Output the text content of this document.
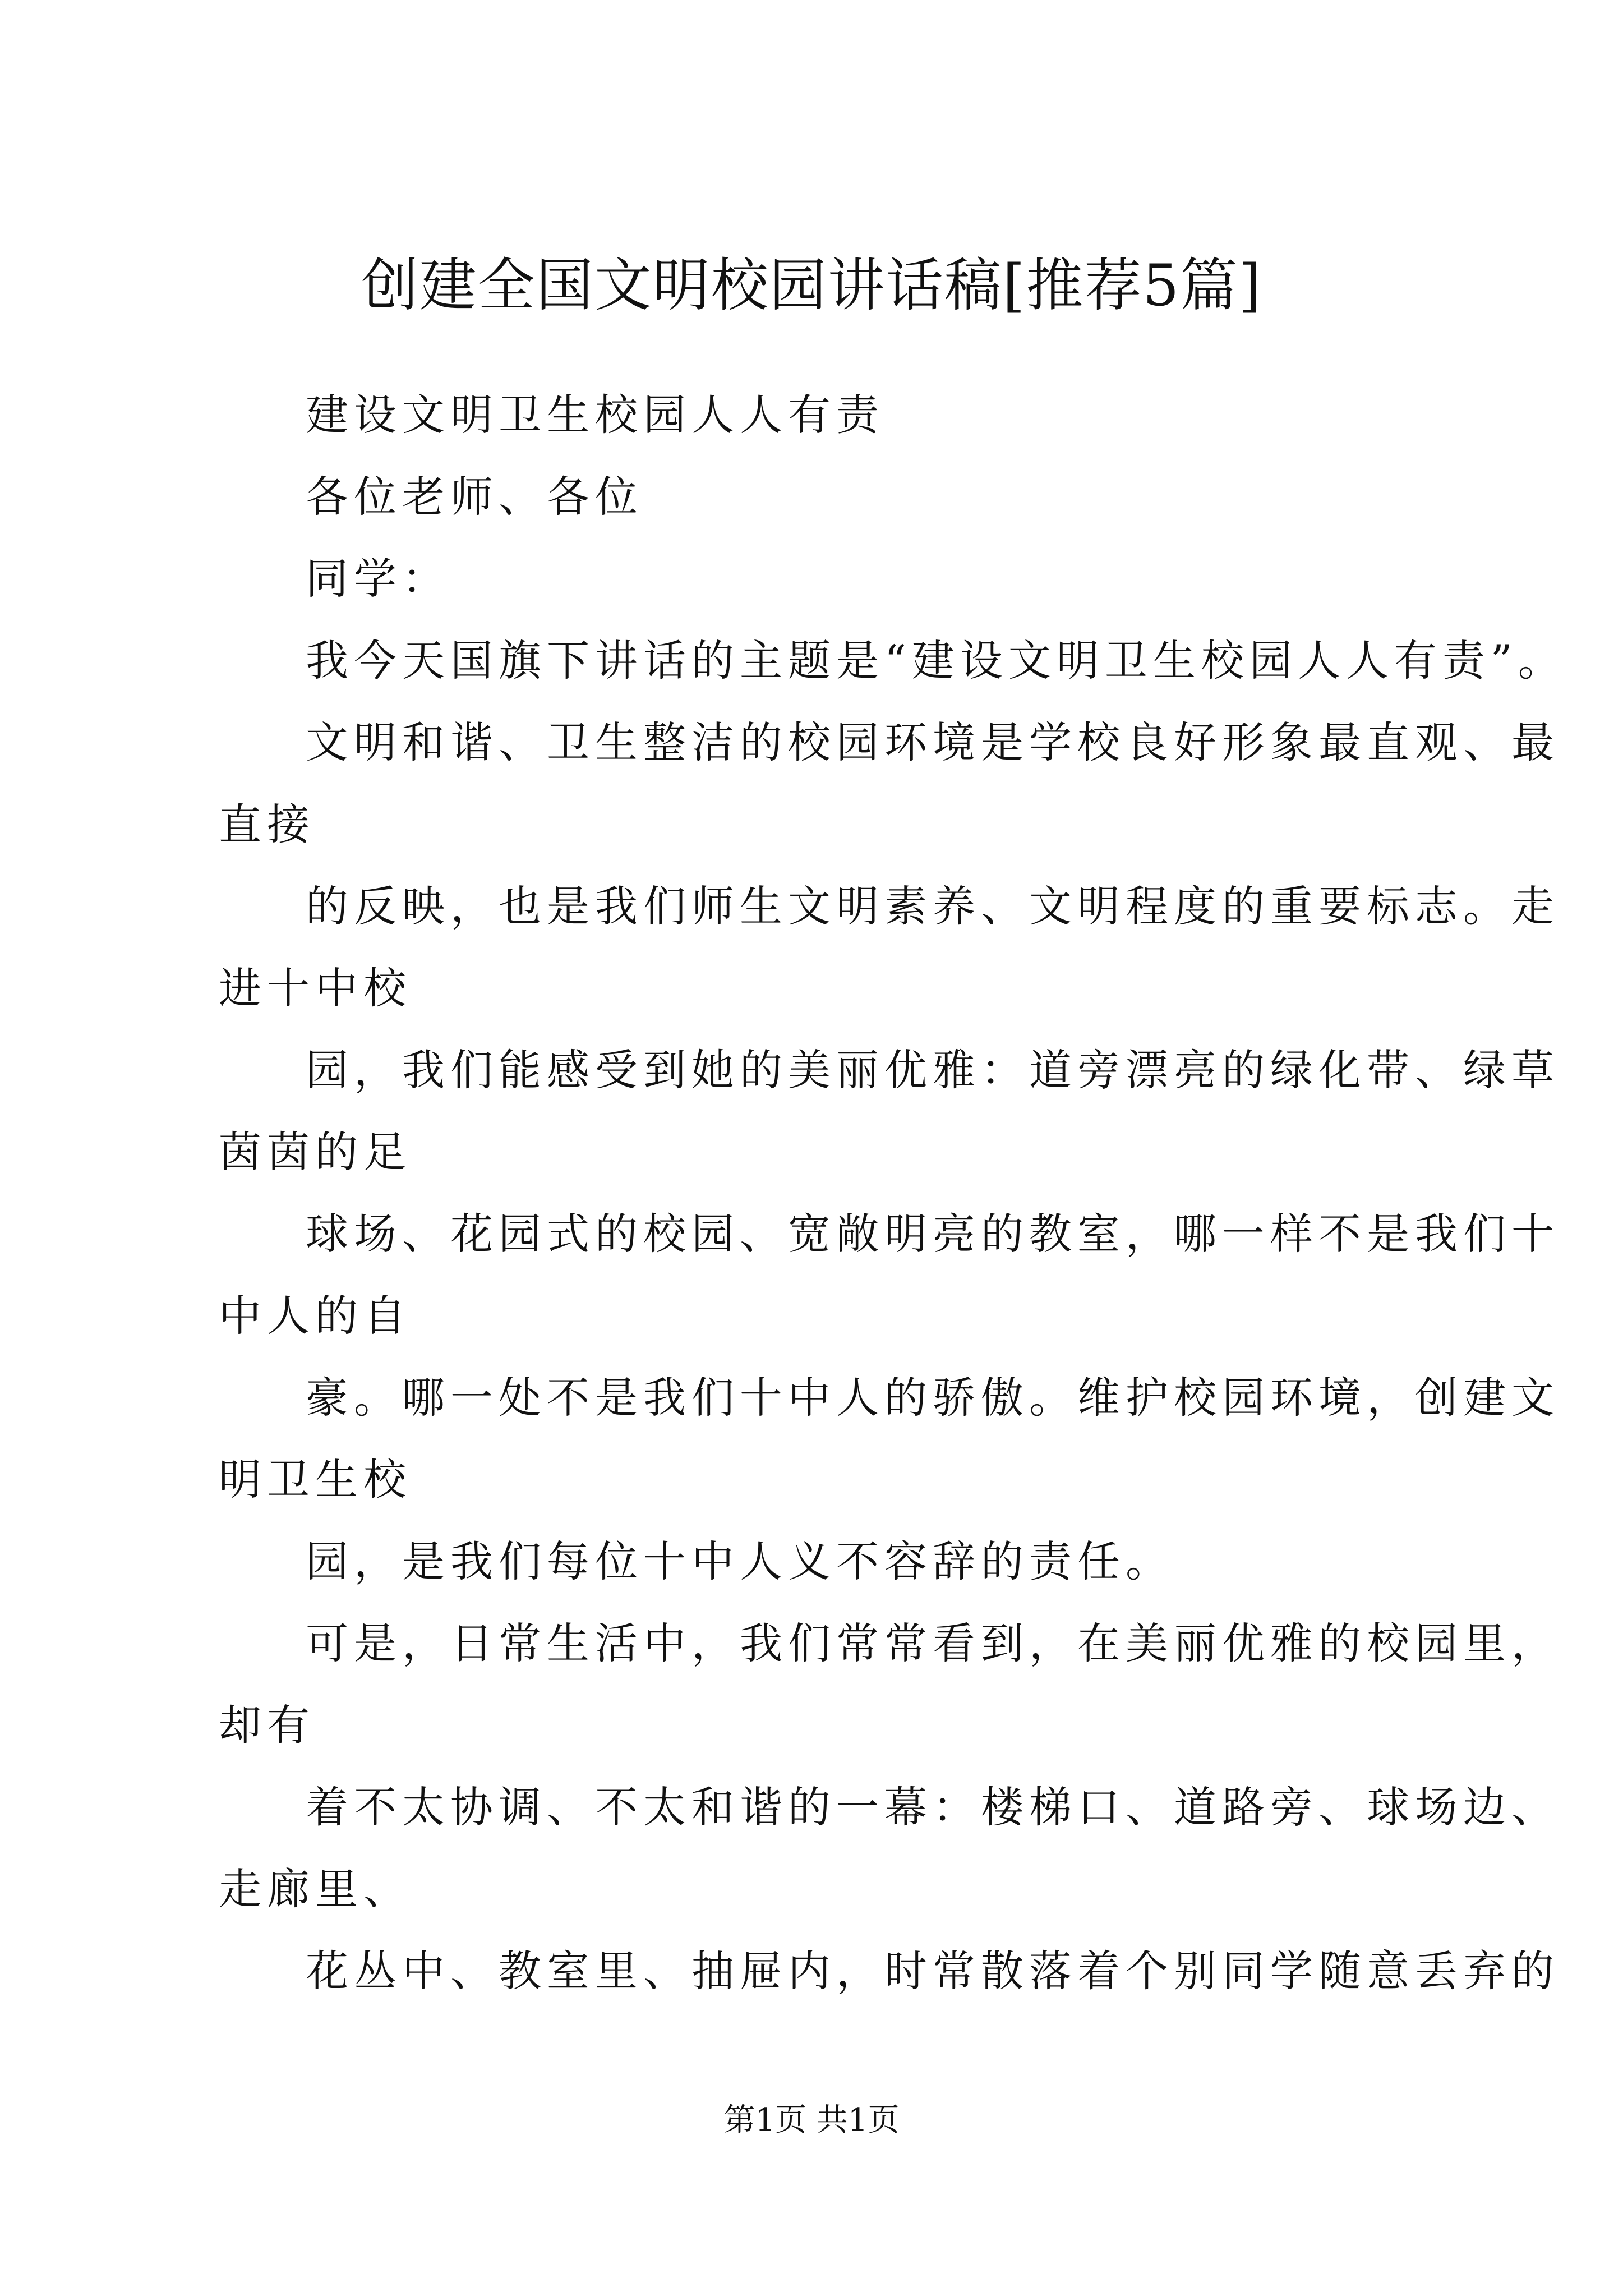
创建全国文明校园讲话稿[推荐5篇]

建设文明卫生校园人人有责

各位老师、各位

同学：

我今天国旗下讲话的主题是“建设文明卫生校园人人有责”。

文明和谐、卫生整洁的校园环境是学校良好形象最直观、最

直接

的反映，也是我们师生文明素养、文明程度的重要标志。走

进十中校

园，我们能感受到她的美丽优雅：道旁漂亮的绿化带、绿草

茵茵的足

球场、花园式的校园、宽敞明亮的教室，哪一样不是我们十

中人的自

豪。哪一处不是我们十中人的骄傲。维护校园环境，创建文

明卫生校

园，是我们每位十中人义不容辞的责任。

可是，日常生活中，我们常常看到，在美丽优雅的校园里，

却有

着不太协调、不太和谐的一幕：楼梯口、道路旁、球场边、

走廊里、

花丛中、教室里、抽屉内，时常散落着个别同学随意丢弃的

第1页 共1页
